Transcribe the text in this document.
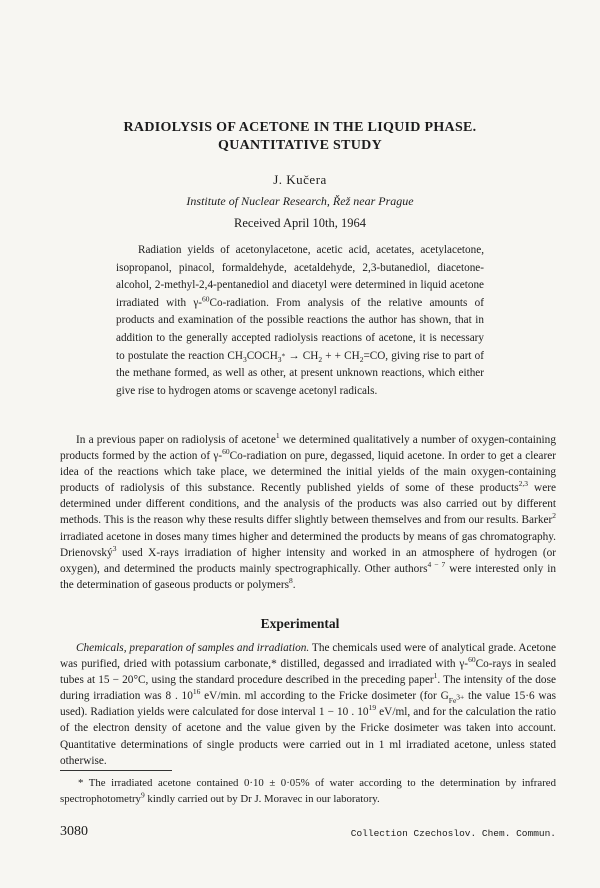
RADIOLYSIS OF ACETONE IN THE LIQUID PHASE.
QUANTITATIVE STUDY
J. Kučera
Institute of Nuclear Research, Řež near Prague
Received April 10th, 1964

Radiation yields of acetonylacetone, acetic acid, acetates, acetylacetone, isopropanol, pinacol, formaldehyde, acetaldehyde, 2,3-butanediol, diacetone-alcohol, 2-methyl-2,4-pentanediol and diacetyl were determined in liquid acetone irradiated with γ-$^{60}$Co-radiation. From analysis of the relative amounts of products and examination of the possible reactions the author has shown, that in addition to the generally accepted radiolysis reactions of acetone, it is necessary to postulate the reaction $CH_3COCH_{3^*} \to CH_2$ + + $CH_2=CO$, giving rise to part of the methane formed, as well as other, at present unknown reactions, which either give rise to hydrogen atoms or scavenge acetonyl radicals.

In a previous paper on radiolysis of acetone$^1$ we determined qualitatively a number of oxygen-containing products formed by the action of γ-$^{60}$Co-radiation on pure, degassed, liquid acetone. In order to get a clearer idea of the reactions which take place, we determined the initial yields of the main oxygen-containing products of radiolysis of this substance. Recently published yields of some of these products$^{2,3}$ were determined under different conditions, and the analysis of the products was also carried out by different methods. This is the reason why these results differ slightly between themselves and from our results. Barker$^2$ irradiated acetone in doses many times higher and determined the products by means of gas chromatography. Drienovský$^3$ used X-rays irradiation of higher intensity and worked in an atmosphere of hydrogen (or oxygen), and determined the products mainly spectrographically. Other authors$^{4 - 7}$ were interested only in the determination of gaseous products or polymers$^8$.

Experimental

Chemicals, preparation of samples and irradiation. The chemicals used were of analytical grade. Acetone was purified, dried with potassium carbonate,* distilled, degassed and irradiated with γ-$^{60}$Co-rays in sealed tubes at 15 − 20°C, using the standard procedure described in the preceding paper$^1$. The intensity of the dose during irradiation was 8 . $10^{16}$ eV/min. ml according to the Fricke dosimeter (for $G_{Fe^{3+}}$ the value 15·6 was used). Radiation yields were calculated for dose interval 1 − 10 . $10^{19}$ eV/ml, and for the calculation the ratio of the electron density of acetone and the value given by the Fricke dosimeter was taken into account. Quantitative determinations of single products were carried out in 1 ml irradiated acetone, unless stated otherwise.

* The irradiated acetone contained 0·10 ± 0·05% of water according to the determination by infrared spectrophotometry$^9$ kindly carried out by Dr J. Moravec in our laboratory.

3080	Collection Czechoslov. Chem. Commun.
